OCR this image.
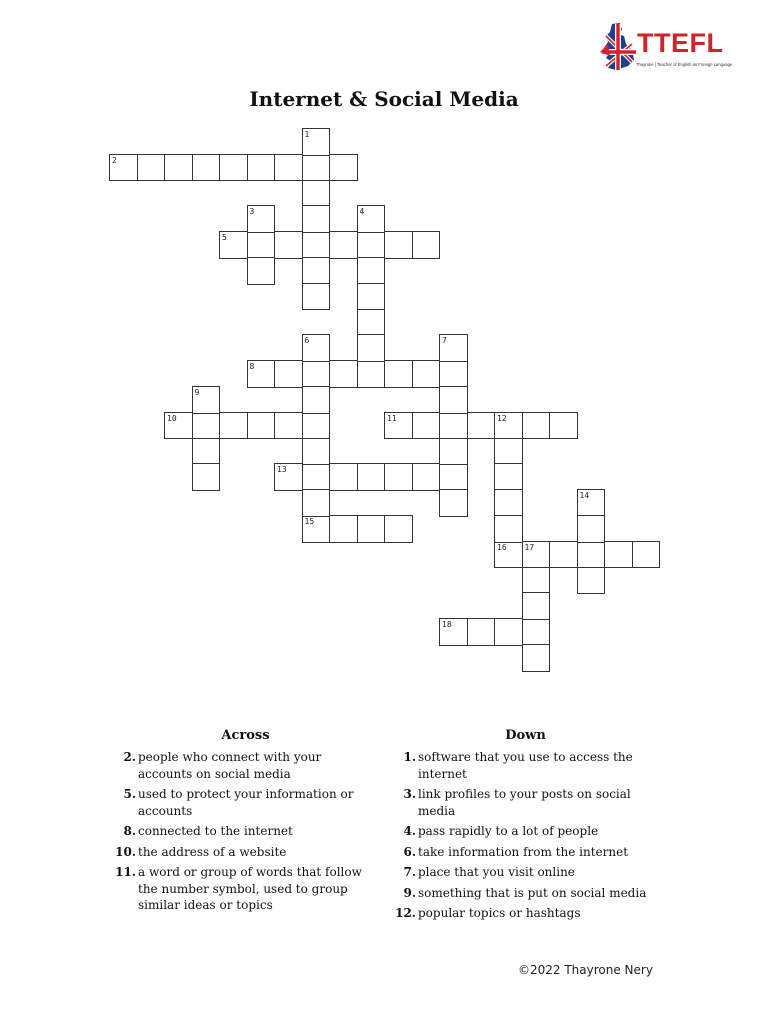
TTEFL
Thayrone | Teacher of English as Foreign Language
Internet & Social Media
2
5
8
10	11	12
13
15
16 17
18
1
3	4
6	7
9
14
Across
2. people who connect with your accounts on social media
5. used to protect your information or accounts
8. connected to the internet
10. the address of a website
11. a word or group of words that follow the number symbol, used to group similar ideas or topics
Down
1. software that you use to access the internet
3. link profiles to your posts on social media
4. pass rapidly to a lot of people
6. take information from the internet
7. place that you visit online
9. something that is put on social media
12. popular topics or hashtags
©2022 Thayrone Nery
